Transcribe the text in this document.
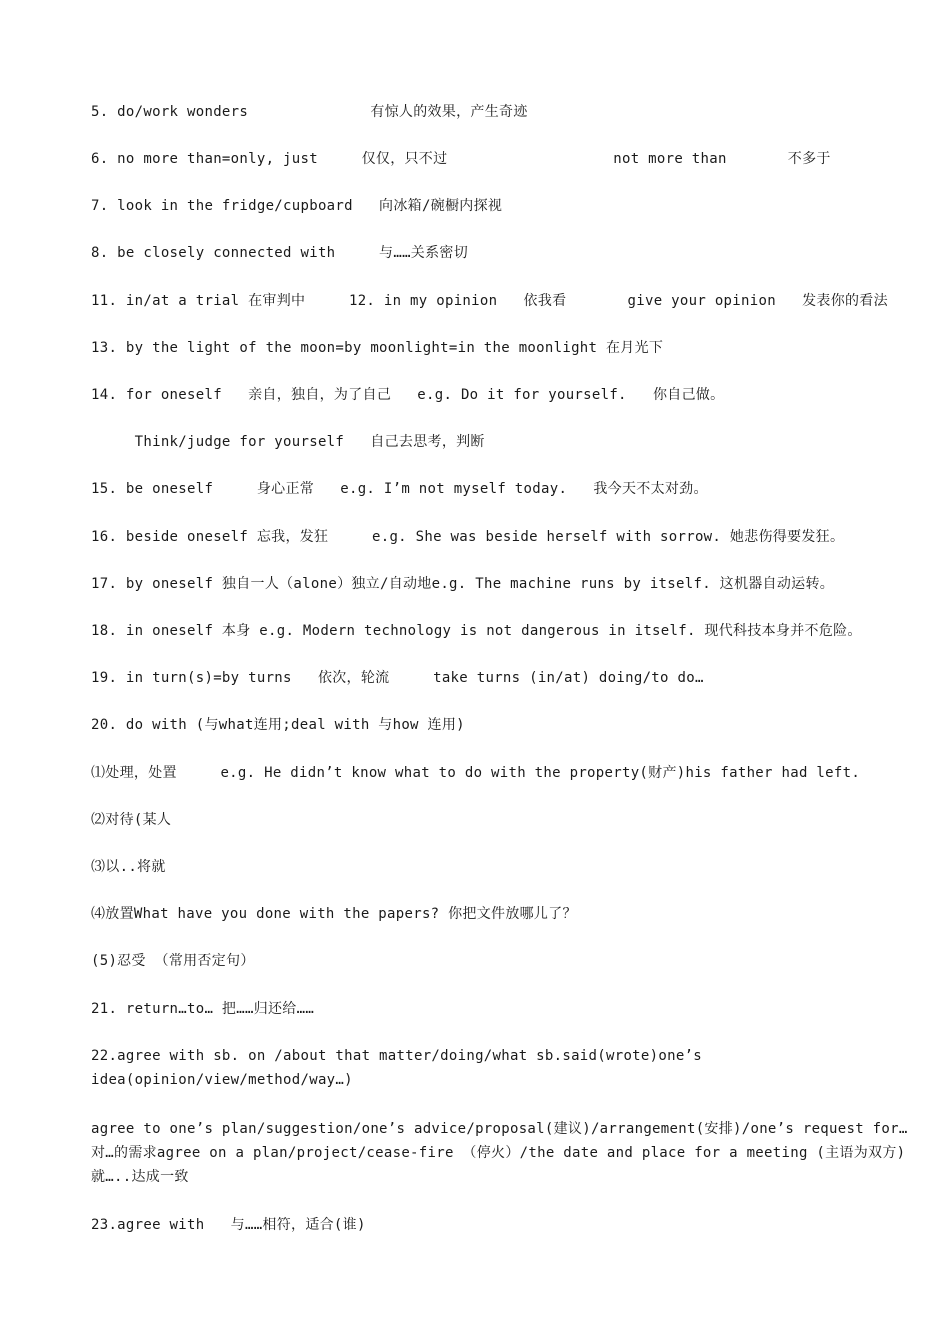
5. do/work wonders              有惊人的效果，产生奇迹
6. no more than=only, just     仅仅，只不过                   not more than       不多于
7. look in the fridge/cupboard   向冰箱/碗橱内探视
8. be closely connected with     与……关系密切
11. in/at a trial 在审判中     12. in my opinion   依我看       give your opinion   发表你的看法
13. by the light of the moon=by moonlight=in the moonlight 在月光下
14. for oneself   亲自，独自，为了自己   e.g. Do it for yourself.   你自己做。
Think/judge for yourself   自己去思考，判断
15. be oneself     身心正常   e.g. I’m not myself today.   我今天不太对劲。
16. beside oneself 忘我，发狂     e.g. She was beside herself with sorrow. 她悲伤得要发狂。
17. by oneself 独自一人（alone）独立/自动地e.g. The machine runs by itself. 这机器自动运转。
18. in oneself 本身 e.g. Modern technology is not dangerous in itself. 现代科技本身并不危险。
19. in turn(s)=by turns   依次，轮流     take turns (in/at) doing/to do…
20. do with (与what连用;deal with 与how 连用)
⑴处理，处置     e.g. He didn’t know what to do with the property(财产)his father had left.
⑵对待(某人
⑶以..将就
⑷放置What have you done with the papers? 你把文件放哪儿了？
(5)忍受 （常用否定句）
21. return…to… 把……归还给……
22.agree with sb. on /about that matter/doing/what sb.said(wrote)one’s idea(opinion/view/method/way…)
agree to one’s plan/suggestion/one’s advice/proposal(建议)/arrangement(安排)/one’s request for…对…的需求agree on a plan/project/cease-fire （停火）/the date and place for a meeting (主语为双方) 就…..达成一致
23.agree with   与……相符，适合(谁)
